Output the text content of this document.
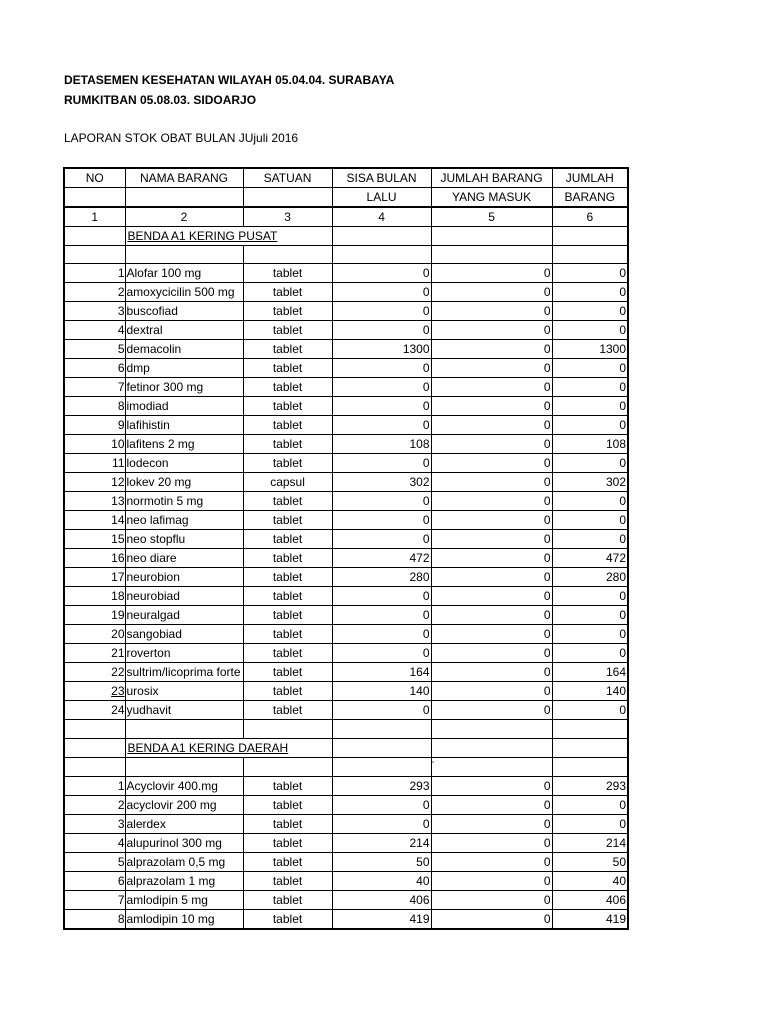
DETASEMEN KESEHATAN WILAYAH 05.04.04. SURABAYA
RUMKITBAN 05.08.03. SIDOARJO
LAPORAN STOK OBAT BULAN JUjuli 2016
NO	NAMA BARANG	SATUAN	SISA BULAN	JUMLAH BARANG	JUMLAH
			LALU	YANG MASUK	BARANG
1	2	3	4	5	6
	BENDA A1 KERING PUSAT				

1	Alofar 100 mg	tablet	0	0	0
2	amoxycicilin 500 mg	tablet	0	0	0
3	buscofiad	tablet	0	0	0
4	dextral	tablet	0	0	0
5	demacolin	tablet	1300	0	1300
6	dmp	tablet	0	0	0
7	fetinor 300 mg	tablet	0	0	0
8	imodiad	tablet	0	0	0
9	lafihistin	tablet	0	0	0
10	lafitens 2 mg	tablet	108	0	108
11	lodecon	tablet	0	0	0
12	lokev 20 mg	capsul	302	0	302
13	normotin 5 mg	tablet	0	0	0
14	neo lafimag	tablet	0	0	0
15	neo stopflu	tablet	0	0	0
16	neo diare	tablet	472	0	472
17	neurobion	tablet	280	0	280
18	neurobiad	tablet	0	0	0
19	neuralgad	tablet	0	0	0
20	sangobiad	tablet	0	0	0
21	roverton	tablet	0	0	0
22	sultrim/licoprima forte	tablet	164	0	164
23	urosix	tablet	140	0	140
24	yudhavit	tablet	0	0	0

	BENDA A1 KERING DAERAH				
				`	
1	Acyclovir 400.mg	tablet	293	0	293
2	acyclovir 200 mg	tablet	0	0	0
3	alerdex	tablet	0	0	0
4	alupurinol 300 mg	tablet	214	0	214
5	alprazolam 0,5 mg	tablet	50	0	50
6	alprazolam 1 mg	tablet	40	0	40
7	amlodipin 5 mg	tablet	406	0	406
8	amlodipin 10 mg	tablet	419	0	419
